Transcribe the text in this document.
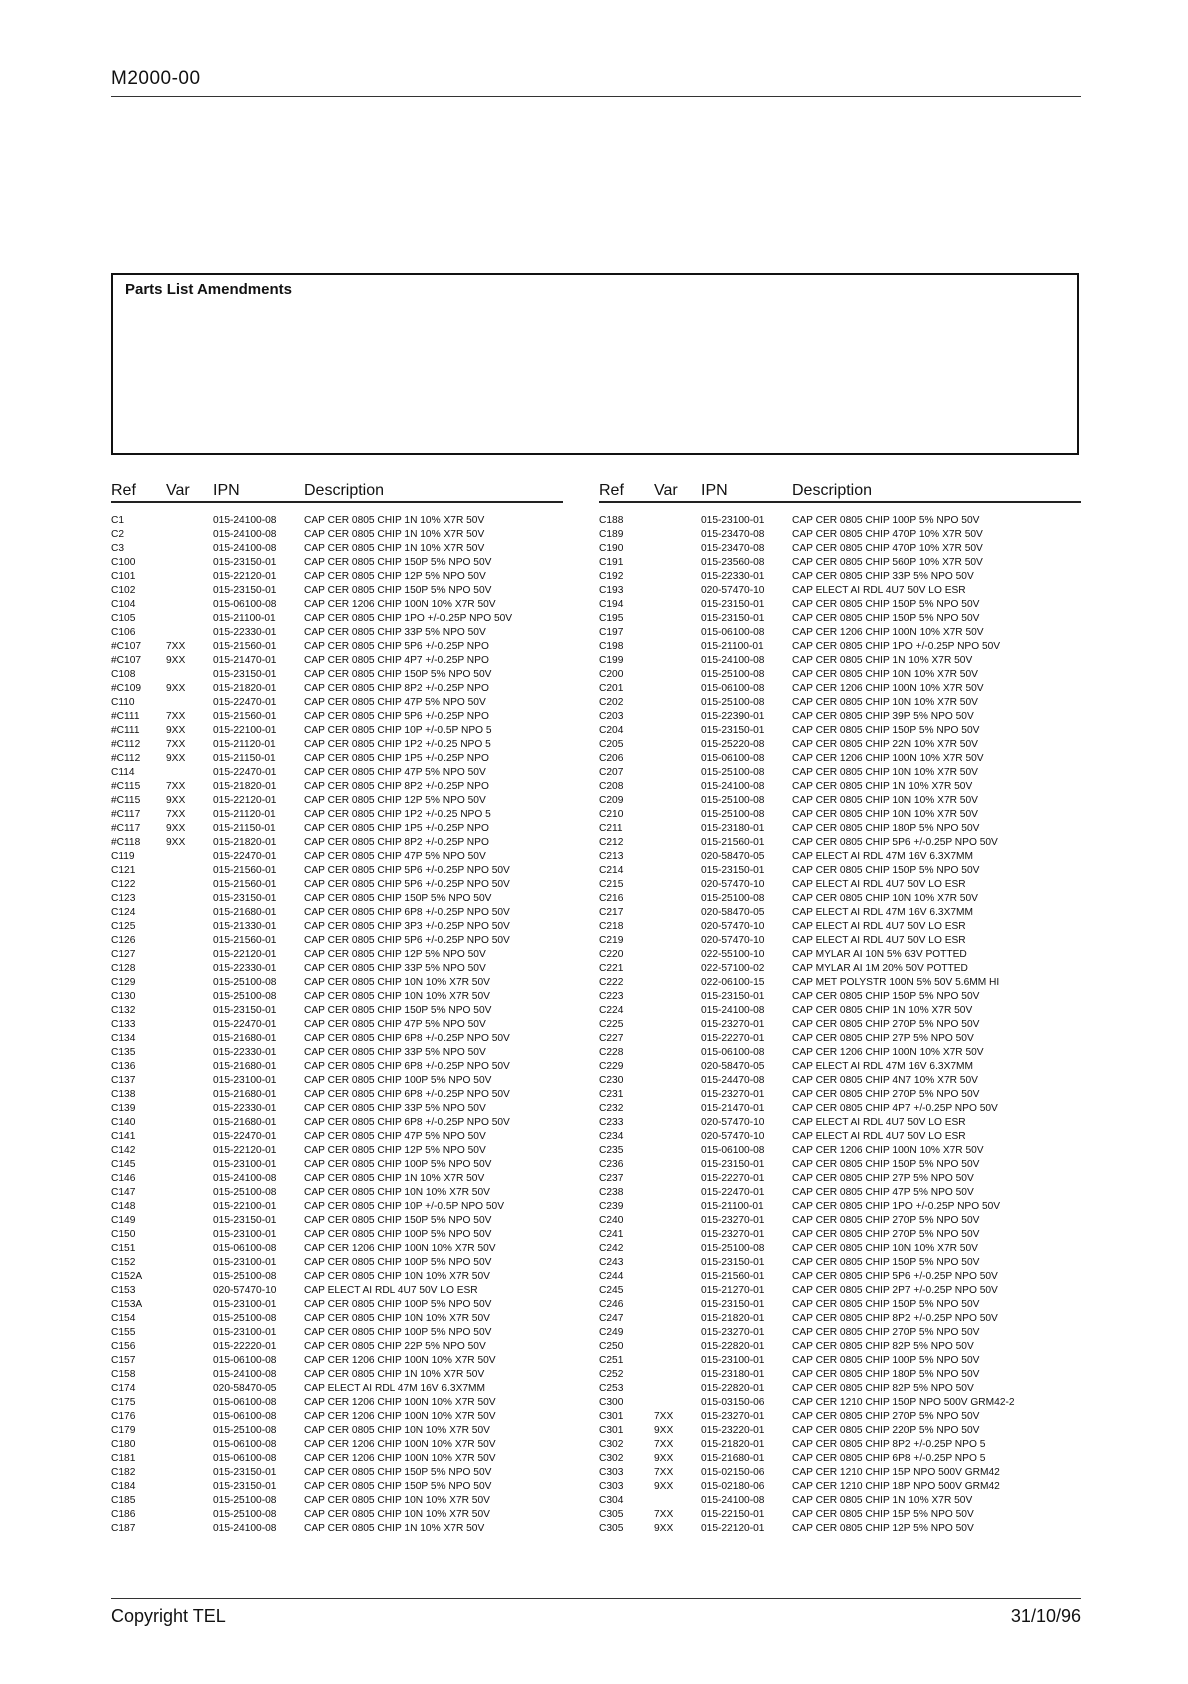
M2000-00
Parts List Amendments
Ref Var IPN	Description
C1	015-24100-08	CAP CER 0805 CHIP 1N 10% X7R 50V
C2	015-24100-08	CAP CER 0805 CHIP 1N 10% X7R 50V
C3	015-24100-08	CAP CER 0805 CHIP 1N 10% X7R 50V
C100	015-23150-01	CAP CER 0805 CHIP 150P 5% NPO 50V
C101	015-22120-01	CAP CER 0805 CHIP 12P 5% NPO 50V
C102	015-23150-01	CAP CER 0805 CHIP 150P 5% NPO 50V
C104	015-06100-08	CAP CER 1206 CHIP 100N 10% X7R 50V
C105	015-21100-01	CAP CER 0805 CHIP 1PO +/-0.25P NPO 50V
C106	015-22330-01	CAP CER 0805 CHIP 33P 5% NPO 50V
#C107 7XX	015-21560-01	CAP CER 0805 CHIP 5P6 +/-0.25P NPO
#C107 9XX	015-21470-01	CAP CER 0805 CHIP 4P7 +/-0.25P NPO
C108	015-23150-01	CAP CER 0805 CHIP 150P 5% NPO 50V
#C109 9XX	015-21820-01	CAP CER 0805 CHIP 8P2 +/-0.25P NPO
C110	015-22470-01	CAP CER 0805 CHIP 47P 5% NPO 50V
#C111	7XX	015-21560-01	CAP CER 0805 CHIP 5P6 +/-0.25P NPO
#C111	9XX	015-22100-01	CAP CER 0805 CHIP 10P +/-0.5P NPO 5
#C112	7XX	015-21120-01	CAP CER 0805 CHIP 1P2 +/-0.25 NPO 5
#C112	9XX	015-21150-01	CAP CER 0805 CHIP 1P5 +/-0.25P NPO
C114	015-22470-01	CAP CER 0805 CHIP 47P 5% NPO 50V
#C115	7XX	015-21820-01	CAP CER 0805 CHIP 8P2 +/-0.25P NPO
#C115	9XX	015-22120-01	CAP CER 0805 CHIP 12P 5% NPO 50V
#C117	7XX	015-21120-01	CAP CER 0805 CHIP 1P2 +/-0.25 NPO 5
#C117	9XX	015-21150-01	CAP CER 0805 CHIP 1P5 +/-0.25P NPO
#C118	9XX	015-21820-01	CAP CER 0805 CHIP 8P2 +/-0.25P NPO
C119	015-22470-01	CAP CER 0805 CHIP 47P 5% NPO 50V
C121	015-21560-01	CAP CER 0805 CHIP 5P6 +/-0.25P NPO 50V
C122	015-21560-01	CAP CER 0805 CHIP 5P6 +/-0.25P NPO 50V
C123	015-23150-01	CAP CER 0805 CHIP 150P 5% NPO 50V
C124	015-21680-01	CAP CER 0805 CHIP 6P8 +/-0.25P NPO 50V
C125	015-21330-01	CAP CER 0805 CHIP 3P3 +/-0.25P NPO 50V
C126	015-21560-01	CAP CER 0805 CHIP 5P6 +/-0.25P NPO 50V
C127	015-22120-01	CAP CER 0805 CHIP 12P 5% NPO 50V
C128	015-22330-01	CAP CER 0805 CHIP 33P 5% NPO 50V
C129	015-25100-08	CAP CER 0805 CHIP 10N 10% X7R 50V
C130	015-25100-08	CAP CER 0805 CHIP 10N 10% X7R 50V
C132	015-23150-01	CAP CER 0805 CHIP 150P 5% NPO 50V
C133	015-22470-01	CAP CER 0805 CHIP 47P 5% NPO 50V
C134	015-21680-01	CAP CER 0805 CHIP 6P8 +/-0.25P NPO 50V
C135	015-22330-01	CAP CER 0805 CHIP 33P 5% NPO 50V
C136	015-21680-01	CAP CER 0805 CHIP 6P8 +/-0.25P NPO 50V
C137	015-23100-01	CAP CER 0805 CHIP 100P 5% NPO 50V
C138	015-21680-01	CAP CER 0805 CHIP 6P8 +/-0.25P NPO 50V
C139	015-22330-01	CAP CER 0805 CHIP 33P 5% NPO 50V
C140	015-21680-01	CAP CER 0805 CHIP 6P8 +/-0.25P NPO 50V
C141	015-22470-01	CAP CER 0805 CHIP 47P 5% NPO 50V
C142	015-22120-01	CAP CER 0805 CHIP 12P 5% NPO 50V
C145	015-23100-01	CAP CER 0805 CHIP 100P 5% NPO 50V
C146	015-24100-08	CAP CER 0805 CHIP 1N 10% X7R 50V
C147	015-25100-08	CAP CER 0805 CHIP 10N 10% X7R 50V
C148	015-22100-01	CAP CER 0805 CHIP 10P +/-0.5P NPO 50V
C149	015-23150-01	CAP CER 0805 CHIP 150P 5% NPO 50V
C150	015-23100-01	CAP CER 0805 CHIP 100P 5% NPO 50V
C151	015-06100-08	CAP CER 1206 CHIP 100N 10% X7R 50V
C152	015-23100-01	CAP CER 0805 CHIP 100P 5% NPO 50V
C152A	015-25100-08	CAP CER 0805 CHIP 10N 10% X7R 50V
C153	020-57470-10	CAP ELECT AI RDL 4U7 50V LO ESR
C153A	015-23100-01	CAP CER 0805 CHIP 100P 5% NPO 50V
C154	015-25100-08	CAP CER 0805 CHIP 10N 10% X7R 50V
C155	015-23100-01	CAP CER 0805 CHIP 100P 5% NPO 50V
C156	015-22220-01	CAP CER 0805 CHIP 22P 5% NPO 50V
C157	015-06100-08	CAP CER 1206 CHIP 100N 10% X7R 50V
C158	015-24100-08	CAP CER 0805 CHIP 1N 10% X7R 50V
C174	020-58470-05	CAP ELECT AI RDL 47M 16V 6.3X7MM
C175	015-06100-08	CAP CER 1206 CHIP 100N 10% X7R 50V
C176	015-06100-08	CAP CER 1206 CHIP 100N 10% X7R 50V
C179	015-25100-08	CAP CER 0805 CHIP 10N 10% X7R 50V
C180	015-06100-08	CAP CER 1206 CHIP 100N 10% X7R 50V
C181	015-06100-08	CAP CER 1206 CHIP 100N 10% X7R 50V
C182	015-23150-01	CAP CER 0805 CHIP 150P 5% NPO 50V
C184	015-23150-01	CAP CER 0805 CHIP 150P 5% NPO 50V
C185	015-25100-08	CAP CER 0805 CHIP 10N 10% X7R 50V
C186	015-25100-08	CAP CER 0805 CHIP 10N 10% X7R 50V
C187	015-24100-08	CAP CER 0805 CHIP 1N 10% X7R 50V
Ref Var IPN	Description
C188	015-23100-01	CAP CER 0805 CHIP 100P 5% NPO 50V
C189	015-23470-08	CAP CER 0805 CHIP 470P 10% X7R 50V
C190	015-23470-08	CAP CER 0805 CHIP 470P 10% X7R 50V
C191	015-23560-08	CAP CER 0805 CHIP 560P 10% X7R 50V
C192	015-22330-01	CAP CER 0805 CHIP 33P 5% NPO 50V
C193	020-57470-10	CAP ELECT AI RDL 4U7 50V LO ESR
C194	015-23150-01	CAP CER 0805 CHIP 150P 5% NPO 50V
C195	015-23150-01	CAP CER 0805 CHIP 150P 5% NPO 50V
C197	015-06100-08	CAP CER 1206 CHIP 100N 10% X7R 50V
C198	015-21100-01	CAP CER 0805 CHIP 1PO +/-0.25P NPO 50V
C199	015-24100-08	CAP CER 0805 CHIP 1N 10% X7R 50V
C200	015-25100-08	CAP CER 0805 CHIP 10N 10% X7R 50V
C201	015-06100-08	CAP CER 1206 CHIP 100N 10% X7R 50V
C202	015-25100-08	CAP CER 0805 CHIP 10N 10% X7R 50V
C203	015-22390-01	CAP CER 0805 CHIP 39P 5% NPO 50V
C204	015-23150-01	CAP CER 0805 CHIP 150P 5% NPO 50V
C205	015-25220-08	CAP CER 0805 CHIP 22N 10% X7R 50V
C206	015-06100-08	CAP CER 1206 CHIP 100N 10% X7R 50V
C207	015-25100-08	CAP CER 0805 CHIP 10N 10% X7R 50V
C208	015-24100-08	CAP CER 0805 CHIP 1N 10% X7R 50V
C209	015-25100-08	CAP CER 0805 CHIP 10N 10% X7R 50V
C210	015-25100-08	CAP CER 0805 CHIP 10N 10% X7R 50V
C211	015-23180-01	CAP CER 0805 CHIP 180P 5% NPO 50V
C212	015-21560-01	CAP CER 0805 CHIP 5P6 +/-0.25P NPO 50V
C213	020-58470-05	CAP ELECT AI RDL 47M 16V 6.3X7MM
C214	015-23150-01	CAP CER 0805 CHIP 150P 5% NPO 50V
C215	020-57470-10	CAP ELECT AI RDL 4U7 50V LO ESR
C216	015-25100-08	CAP CER 0805 CHIP 10N 10% X7R 50V
C217	020-58470-05	CAP ELECT AI RDL 47M 16V 6.3X7MM
C218	020-57470-10	CAP ELECT AI RDL 4U7 50V LO ESR
C219	020-57470-10	CAP ELECT AI RDL 4U7 50V LO ESR
C220	022-55100-10	CAP MYLAR AI 10N 5% 63V POTTED
C221	022-57100-02	CAP MYLAR AI 1M 20% 50V POTTED
C222	022-06100-15	CAP MET POLYSTR 100N 5% 50V 5.6MM HI
C223	015-23150-01	CAP CER 0805 CHIP 150P 5% NPO 50V
C224	015-24100-08	CAP CER 0805 CHIP 1N 10% X7R 50V
C225	015-23270-01	CAP CER 0805 CHIP 270P 5% NPO 50V
C227	015-22270-01	CAP CER 0805 CHIP 27P 5% NPO 50V
C228	015-06100-08	CAP CER 1206 CHIP 100N 10% X7R 50V
C229	020-58470-05	CAP ELECT AI RDL 47M 16V 6.3X7MM
C230	015-24470-08	CAP CER 0805 CHIP 4N7 10% X7R 50V
C231	015-23270-01	CAP CER 0805 CHIP 270P 5% NPO 50V
C232	015-21470-01	CAP CER 0805 CHIP 4P7 +/-0.25P NPO 50V
C233	020-57470-10	CAP ELECT AI RDL 4U7 50V LO ESR
C234	020-57470-10	CAP ELECT AI RDL 4U7 50V LO ESR
C235	015-06100-08	CAP CER 1206 CHIP 100N 10% X7R 50V
C236	015-23150-01	CAP CER 0805 CHIP 150P 5% NPO 50V
C237	015-22270-01	CAP CER 0805 CHIP 27P 5% NPO 50V
C238	015-22470-01	CAP CER 0805 CHIP 47P 5% NPO 50V
C239	015-21100-01	CAP CER 0805 CHIP 1PO +/-0.25P NPO 50V
C240	015-23270-01	CAP CER 0805 CHIP 270P 5% NPO 50V
C241	015-23270-01	CAP CER 0805 CHIP 270P 5% NPO 50V
C242	015-25100-08	CAP CER 0805 CHIP 10N 10% X7R 50V
C243	015-23150-01	CAP CER 0805 CHIP 150P 5% NPO 50V
C244	015-21560-01	CAP CER 0805 CHIP 5P6 +/-0.25P NPO 50V
C245	015-21270-01	CAP CER 0805 CHIP 2P7 +/-0.25P NPO 50V
C246	015-23150-01	CAP CER 0805 CHIP 150P 5% NPO 50V
C247	015-21820-01	CAP CER 0805 CHIP 8P2 +/-0.25P NPO 50V
C249	015-23270-01	CAP CER 0805 CHIP 270P 5% NPO 50V
C250	015-22820-01	CAP CER 0805 CHIP 82P 5% NPO 50V
C251	015-23100-01	CAP CER 0805 CHIP 100P 5% NPO 50V
C252	015-23180-01	CAP CER 0805 CHIP 180P 5% NPO 50V
C253	015-22820-01	CAP CER 0805 CHIP 82P 5% NPO 50V
C300	015-03150-06	CAP CER 1210 CHIP 150P NPO 500V GRM42-2
C301	7XX	015-23270-01	CAP CER 0805 CHIP 270P 5% NPO 50V
C301	9XX	015-23220-01	CAP CER 0805 CHIP 220P 5% NPO 50V
C302	7XX	015-21820-01	CAP CER 0805 CHIP 8P2 +/-0.25P NPO 5
C302	9XX	015-21680-01	CAP CER 0805 CHIP 6P8 +/-0.25P NPO 5
C303	7XX	015-02150-06	CAP CER 1210 CHIP 15P NPO 500V GRM42
C303	9XX	015-02180-06	CAP CER 1210 CHIP 18P NPO 500V GRM42
C304	015-24100-08	CAP CER 0805 CHIP 1N 10% X7R 50V
C305	7XX	015-22150-01	CAP CER 0805 CHIP 15P 5% NPO 50V
C305	9XX	015-22120-01	CAP CER 0805 CHIP 12P 5% NPO 50V
Copyright TEL	31/10/96
